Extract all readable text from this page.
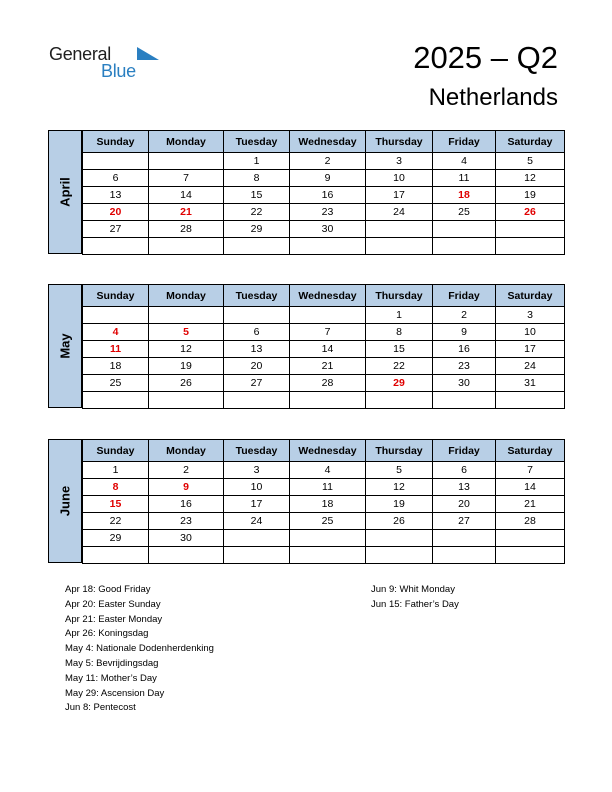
General
Blue	2025 – Q2
Netherlands
April
Sunday	Monday	Tuesday	Wednesday	Thursday	Friday	Saturday
		1	2	3	4	5
6	7	8	9	10	11	12
13	14	15	16	17	18	19
20	21	22	23	24	25	26
27	28	29	30			

May
Sunday	Monday	Tuesday	Wednesday	Thursday	Friday	Saturday
				1	2	3
4	5	6	7	8	9	10
11	12	13	14	15	16	17
18	19	20	21	22	23	24
25	26	27	28	29	30	31

June
Sunday	Monday	Tuesday	Wednesday	Thursday	Friday	Saturday
1	2	3	4	5	6	7
8	9	10	11	12	13	14
15	16	17	18	19	20	21
22	23	24	25	26	27	28
29	30					

Apr 18: Good Friday
Apr 20: Easter Sunday
Apr 21: Easter Monday
Apr 26: Koningsdag
May 4: Nationale Dodenherdenking
May 5: Bevrijdingsdag
May 11: Mother’s Day
May 29: Ascension Day
Jun 8: Pentecost
Jun 9: Whit Monday
Jun 15: Father’s Day
